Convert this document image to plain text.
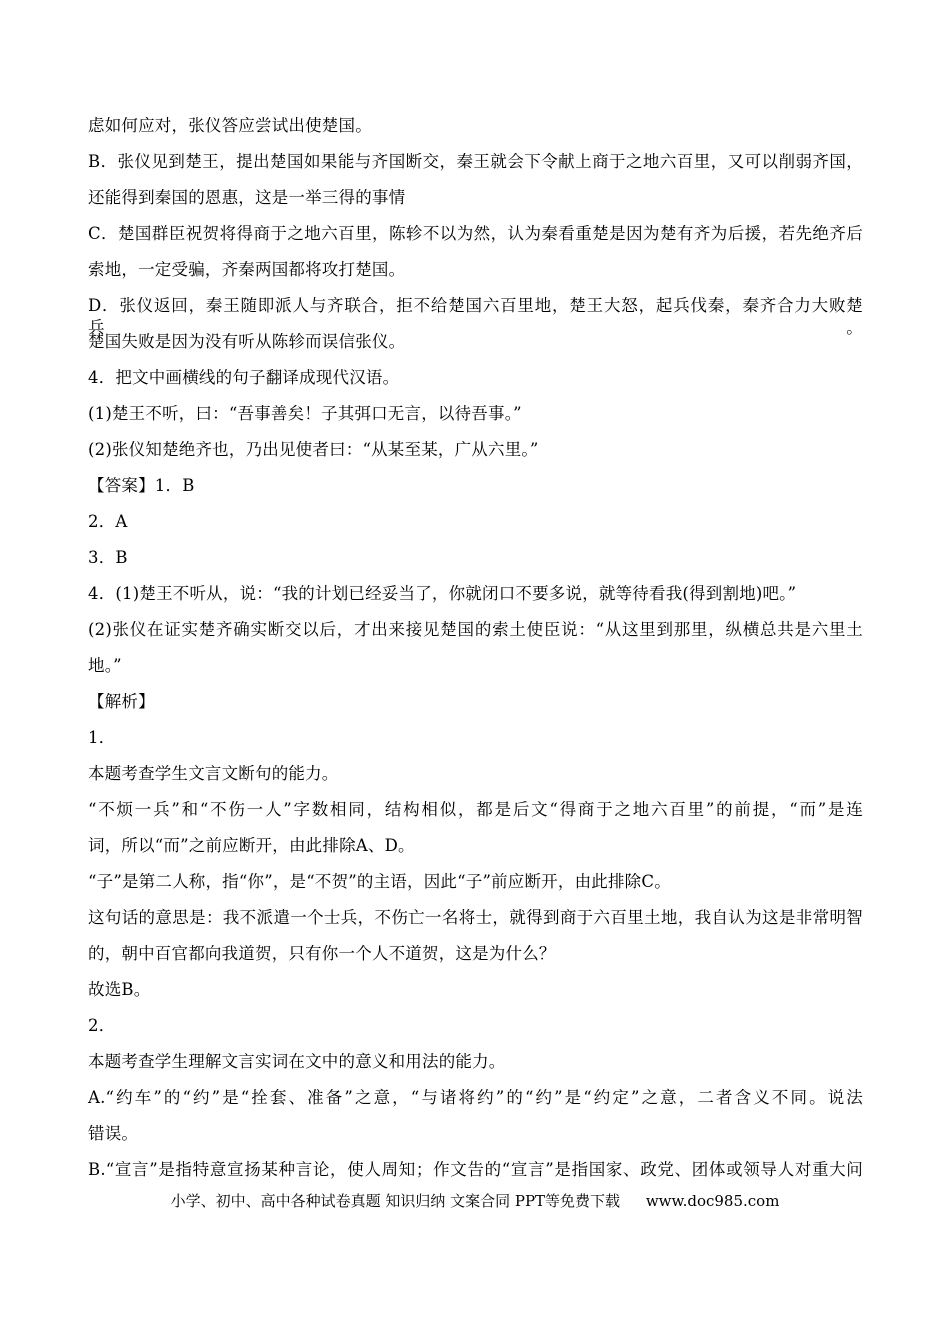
虑如何应对，张仪答应尝试出使楚国。
B．张仪见到楚王，提出楚国如果能与齐国断交，秦王就会下令献上商于之地六百里，又可以削弱齐国，
还能得到秦国的恩惠，这是一举三得的事情
C．楚国群臣祝贺将得商于之地六百里，陈轸不以为然，认为秦看重楚是因为楚有齐为后援，若先绝齐后
索地，一定受骗，齐秦两国都将攻打楚国。
D．张仪返回，秦王随即派人与齐联合，拒不给楚国六百里地，楚王大怒，起兵伐秦，秦齐合力大败楚兵。
楚国失败是因为没有听从陈轸而误信张仪。
4．把文中画横线的句子翻译成现代汉语。
(1)楚王不听，曰：“吾事善矣！子其弭口无言，以待吾事。”
(2)张仪知楚绝齐也，乃出见使者曰：“从某至某，广从六里。”
【答案】1．B
2．A
3．B
4．(1)楚王不听从，说：“我的计划已经妥当了，你就闭口不要多说，就等待看我(得到割地)吧。”
(2)张仪在证实楚齐确实断交以后，才出来接见楚国的索土使臣说：“从这里到那里，纵横总共是六里土
地。”
【解析】
1．
本题考查学生文言文断句的能力。
“不烦一兵”和“不伤一人”字数相同，结构相似，都是后文“得商于之地六百里”的前提，“而”是连
词，所以“而”之前应断开，由此排除A、D。
“子”是第二人称，指“你”，是“不贺”的主语，因此“子”前应断开，由此排除C。
这句话的意思是：我不派遣一个士兵，不伤亡一名将士，就得到商于六百里土地，我自认为这是非常明智
的，朝中百官都向我道贺，只有你一个人不道贺，这是为什么？
故选B。
2．
本题考查学生理解文言实词在文中的意义和用法的能力。
A.“约车”的“约”是“拴套、准备”之意，“与诸将约”的“约”是“约定”之意，二者含义不同。说法
错误。
B.“宣言”是指特意宣扬某种言论，使人周知；作文告的“宣言”是指国家、政党、团体或领导人对重大问
小学、初中、高中各种试卷真题 知识归纳 文案合同 PPT等免费下载 www.doc985.com
